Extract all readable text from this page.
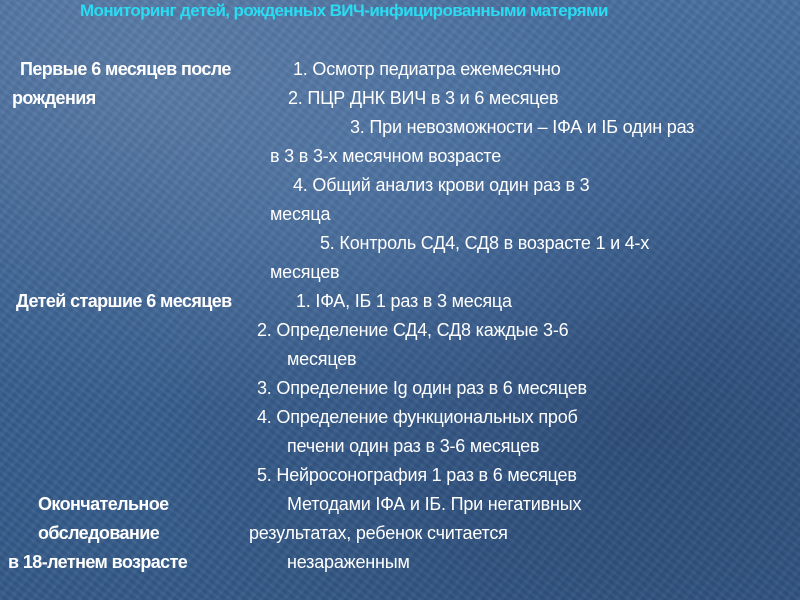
Мониторинг детей, рожденных ВИЧ-инфицированными матерями
Первые 6 месяцев после
рождения
1. Осмотр педиатра ежемесячно
2. ПЦР ДНК ВИЧ в 3 и 6 месяцев
3. При невозможности – IФА и IБ один раз
в 3 в 3-х месячном возрасте
4. Общий анализ крови один раз в 3
месяца
5. Контроль СД4, СД8 в возрасте 1 и 4-х
месяцев
Детей старшие 6 месяцев	1. IФА, IБ 1 раз в 3 месяца
2. Определение СД4, СД8 каждые 3-6
месяцев
3. Определение Ig один раз в 6 месяцев
4. Определение функциональных проб
печени один раз в 3-6 месяцев
5. Нейросонография 1 раз в 6 месяцев
Окончательное
обследование
в 18-летнем возрасте
Методами IФА и IБ. При негативных
результатах, ребенок считается
незараженным
